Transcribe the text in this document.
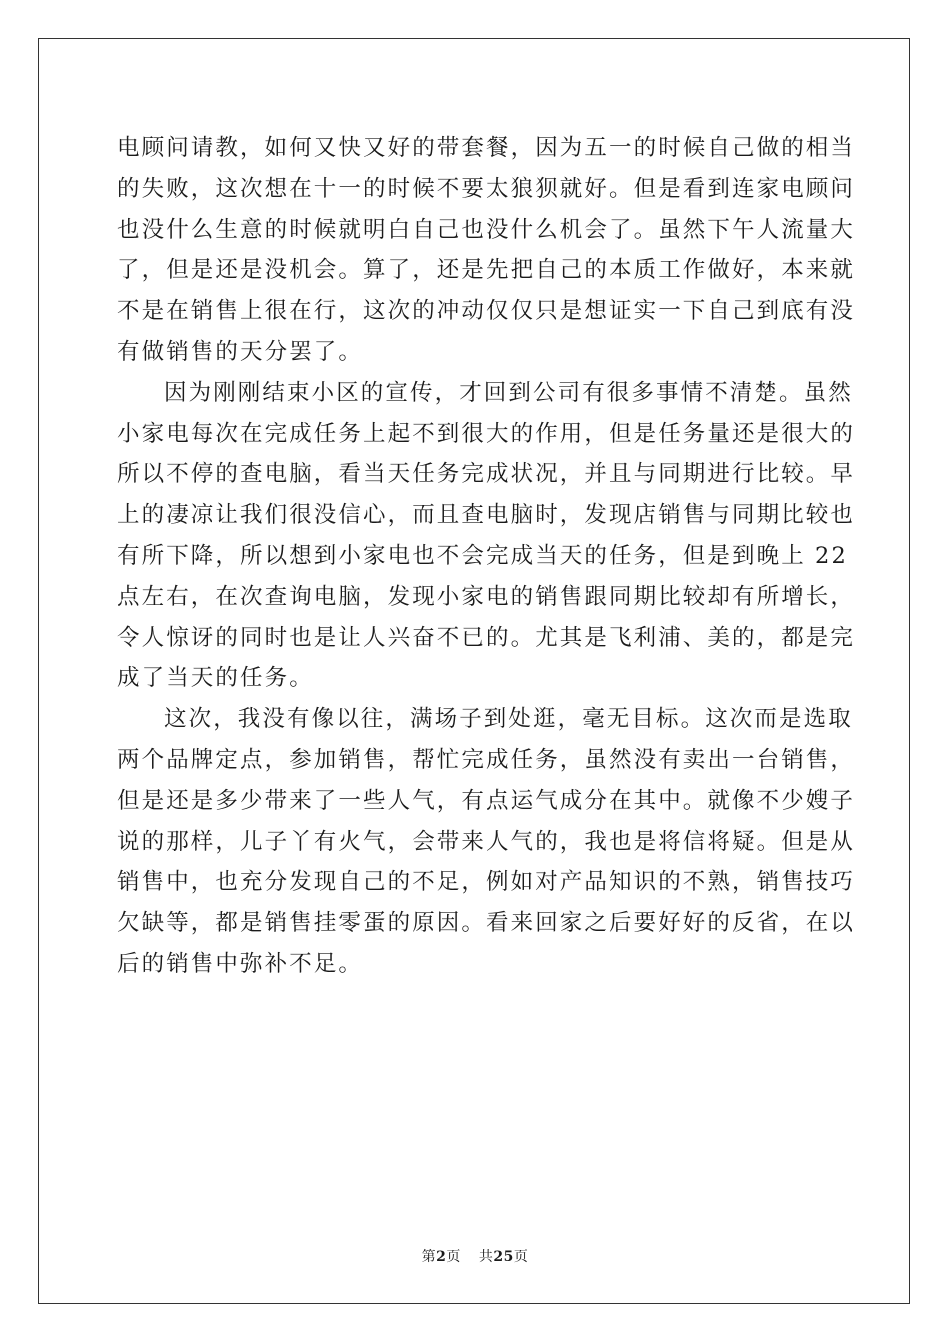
电顾问请教，如何又快又好的带套餐，因为五一的时候自己做的相当
的失败，这次想在十一的时候不要太狼狈就好。但是看到连家电顾问
也没什么生意的时候就明白自己也没什么机会了。虽然下午人流量大
了，但是还是没机会。算了，还是先把自己的本质工作做好，本来就
不是在销售上很在行，这次的冲动仅仅只是想证实一下自己到底有没
有做销售的天分罢了。

因为刚刚结束小区的宣传，才回到公司有很多事情不清楚。虽然
小家电每次在完成任务上起不到很大的作用，但是任务量还是很大的
所以不停的查电脑，看当天任务完成状况，并且与同期进行比较。早
上的凄凉让我们很没信心，而且查电脑时，发现店销售与同期比较也
有所下降，所以想到小家电也不会完成当天的任务，但是到晚上 22
点左右，在次查询电脑，发现小家电的销售跟同期比较却有所增长，
令人惊讶的同时也是让人兴奋不已的。尤其是飞利浦、美的，都是完
成了当天的任务。

这次，我没有像以往，满场子到处逛，毫无目标。这次而是选取
两个品牌定点，参加销售，帮忙完成任务，虽然没有卖出一台销售，
但是还是多少带来了一些人气，有点运气成分在其中。就像不少嫂子
说的那样，儿子丫有火气，会带来人气的，我也是将信将疑。但是从
销售中，也充分发现自己的不足，例如对产品知识的不熟，销售技巧
欠缺等，都是销售挂零蛋的原因。看来回家之后要好好的反省，在以
后的销售中弥补不足。

第2页 共25页
